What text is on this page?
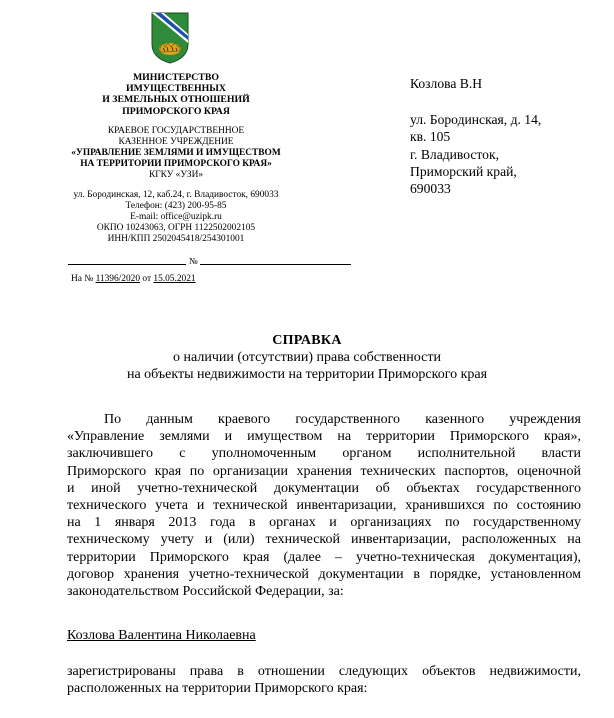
МИНИСТЕРСТВО
ИМУЩЕСТВЕННЫХ
И ЗЕМЕЛЬНЫХ ОТНОШЕНИЙ
ПРИМОРСКОГО КРАЯ
КРАЕВОЕ ГОСУДАРСТВЕННОЕ
КАЗЕННОЕ УЧРЕЖДЕНИЕ
«УПРАВЛЕНИЕ ЗЕМЛЯМИ И ИМУЩЕСТВОМ
НА ТЕРРИТОРИИ ПРИМОРСКОГО КРАЯ»
КГКУ «УЗИ»
ул. Бородинская, 12, каб.24, г. Владивосток, 690033
Телефон: (423) 200-95-85
E-mail: office@uzipk.ru
ОКПО 10243063, ОГРН 1122502002105
ИНН/КПП 2502045418/254301001
№
На № 11396/2020 от 15.05.2021
Козлова В.Н
ул. Бородинская, д. 14,
кв. 105
г. Владивосток,
Приморский край,
690033
СПРАВКА
о наличии (отсутствии) права собственности
на объекты недвижимости на территории Приморского края
По данным краевого государственного казенного учреждения
«Управление землями и имуществом на территории Приморского края»,
заключившего с уполномоченным органом исполнительной власти
Приморского края по организации хранения технических паспортов, оценочной
и иной учетно-технической документации об объектах государственного
технического учета и технической инвентаризации, хранившихся по состоянию
на 1 января 2013 года в органах и организациях по государственному
техническому учету и (или) технической инвентаризации, расположенных на
территории Приморского края (далее – учетно-техническая документация),
договор хранения учетно-технической документации в порядке, установленном
законодательством Российской Федерации, за:
Козлова Валентина Николаевна
зарегистрированы права в отношении следующих объектов недвижимости,
расположенных на территории Приморского края:
